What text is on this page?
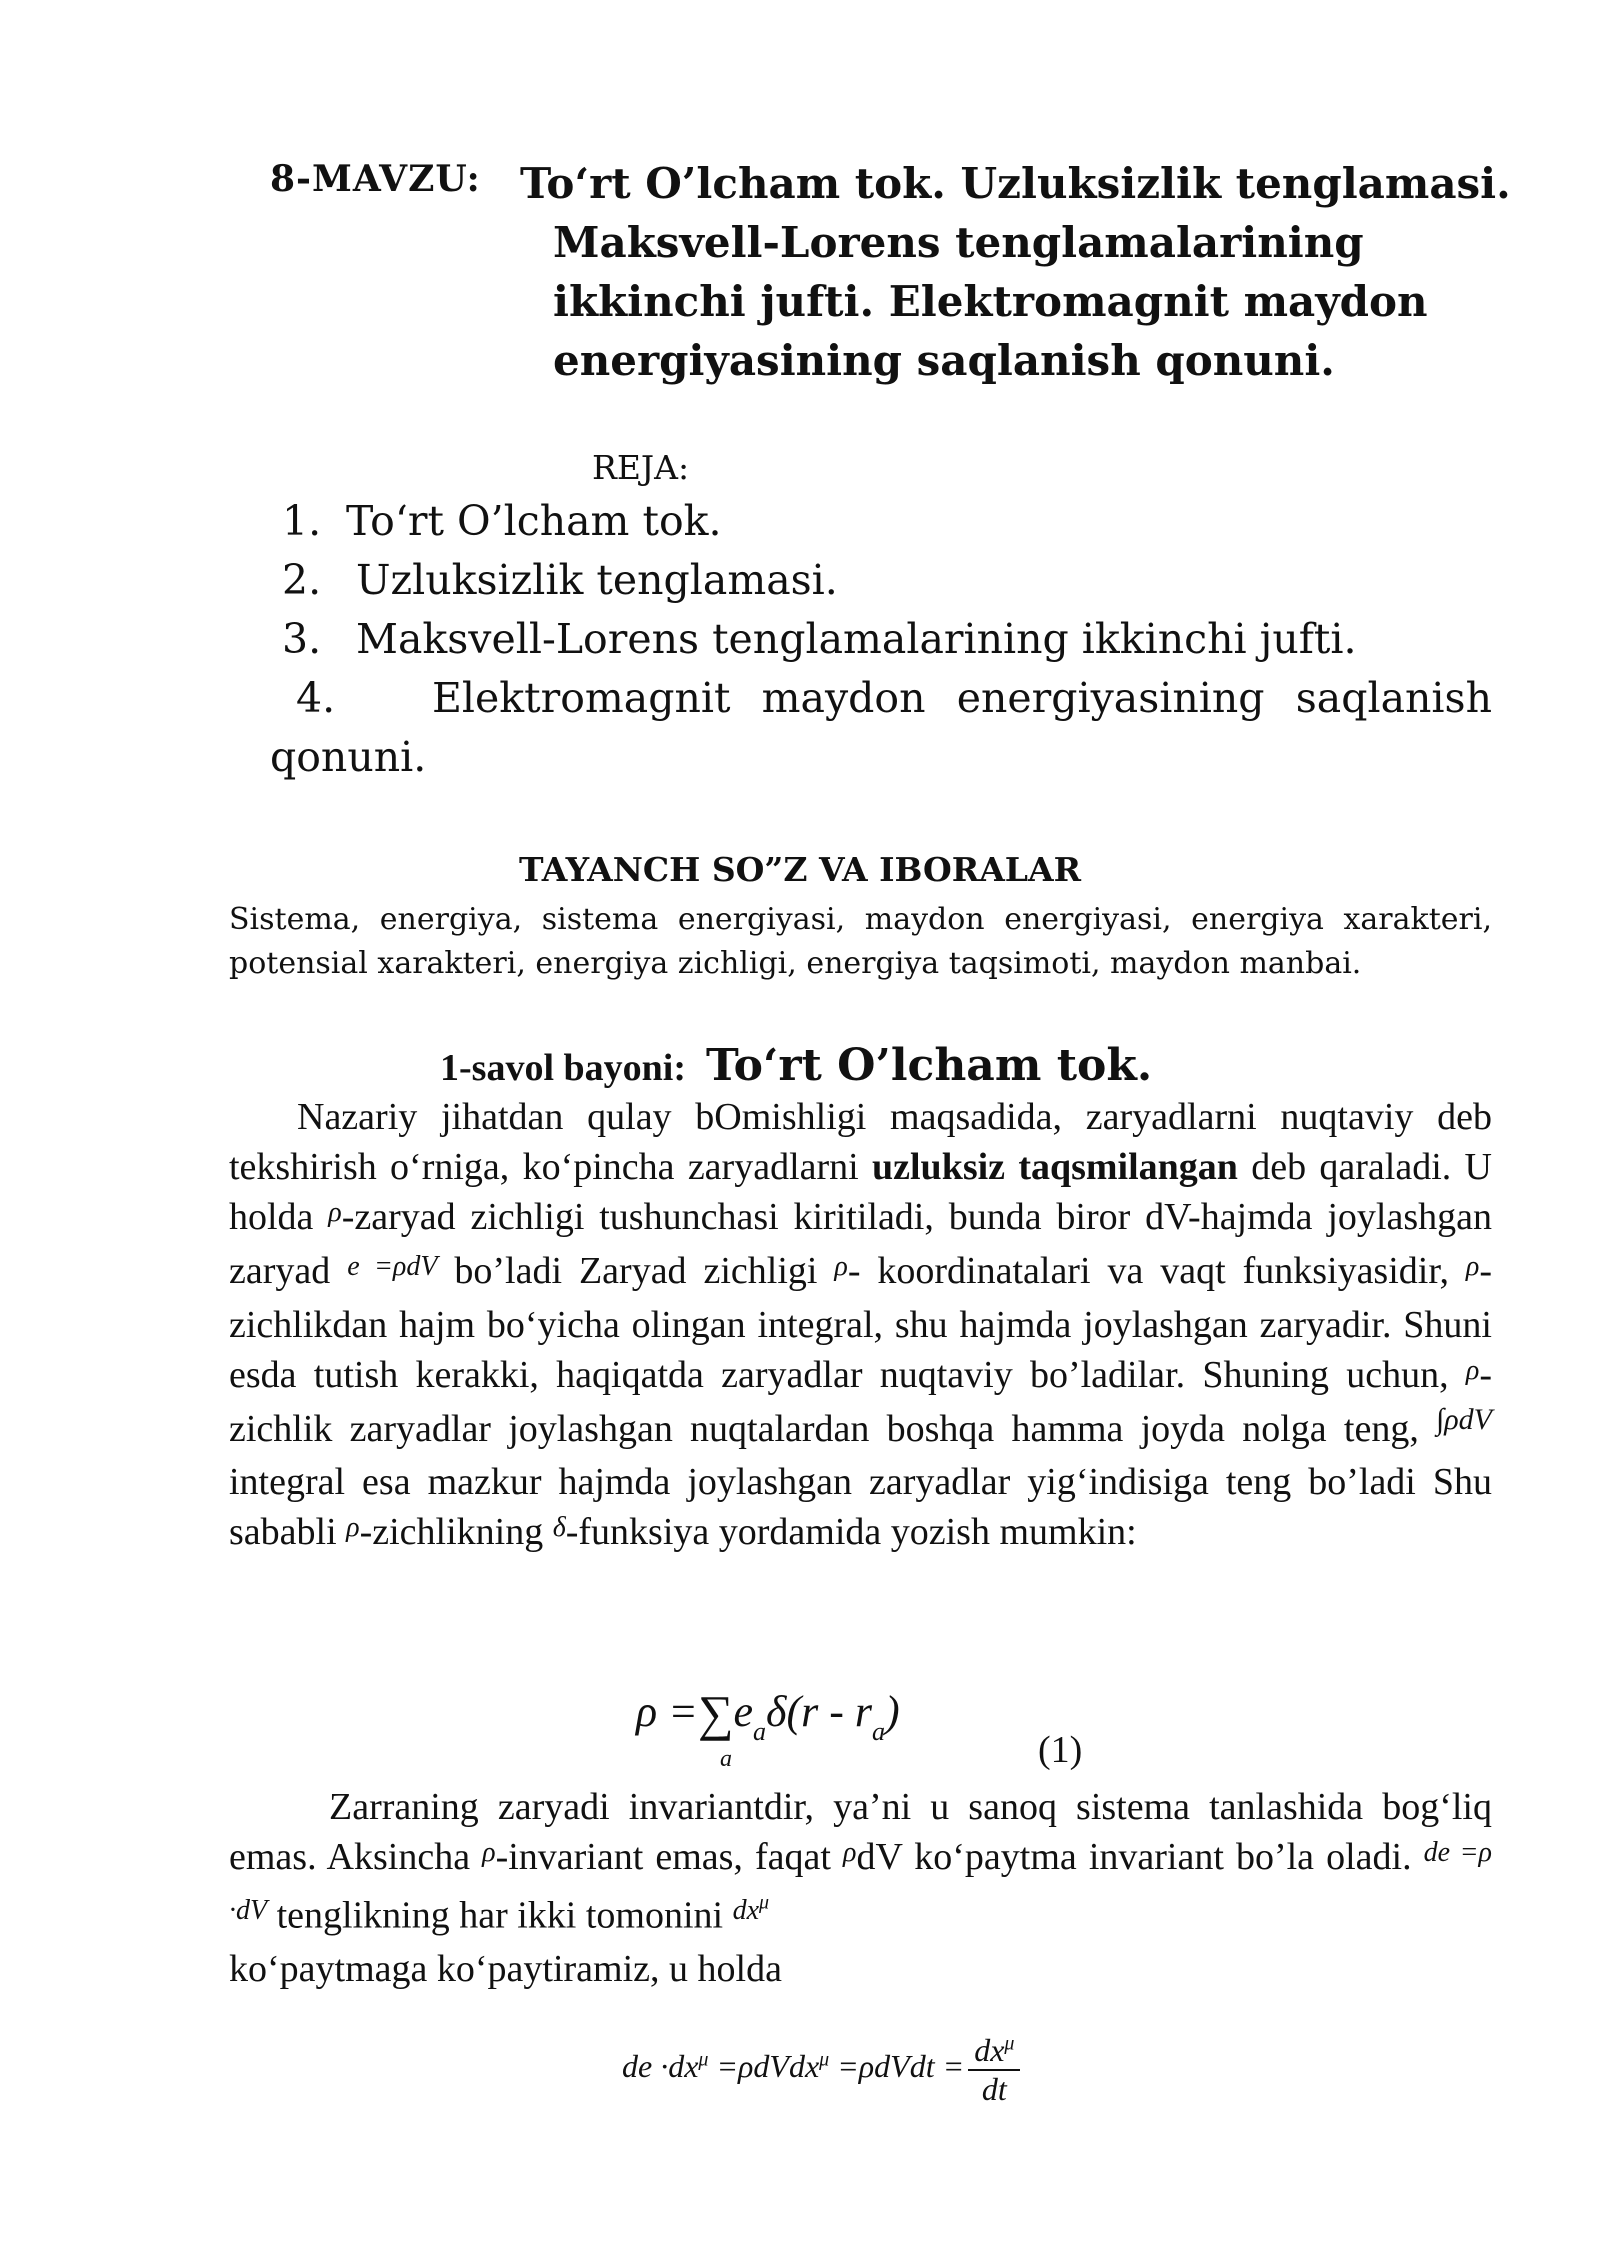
8-MAVZU: To‘rt O’lcham tok. Uzluksizlik tenglamasi.
Maksvell-Lorens tenglamalarining
ikkinchi jufti. Elektromagnit maydon
energiyasining saqlanish qonuni.
REJA:
1. To‘rt O’lcham tok.
2. Uzluksizlik tenglamasi.
3. Maksvell-Lorens tenglamalarining ikkinchi jufti.
4.	Elektromagnit maydon energiyasining saqlanish
qonuni.
TAYANCH SO”Z VA IBORALAR
Sistema, energiya, sistema energiyasi, maydon energiyasi, energiya xarakteri, potensial xarakteri, energiya zichligi, energiya taqsimoti, maydon manbai.
1-savol bayoni: To‘rt O’lcham tok.
Nazariy jihatdan qulay bOmishligi maqsadida, zaryadlarni nuqtaviy deb tekshirish o‘rniga, ko‘pincha zaryadlarni uzluksiz taqsmilangan deb qaraladi. U holda $^\rho$-zaryad zichligi tushunchasi kiritiladi, bunda biror dV-hajmda joylashgan zaryad $^{e =\rho dV}$ bo’ladi Zaryad zichligi $^\rho$- koordinatalari va vaqt funksiyasidir, $^\rho$-zichlikdan hajm bo‘yicha olingan integral, shu hajmda joylashgan zaryadir. Shuni esda tutish kerakki, haqiqatda zaryadlar nuqtaviy bo’ladilar. Shuning uchun, $^\rho$-zichlik zaryadlar joylashgan nuqtalardan boshqa hamma joyda nolga teng, $^{\int\rho dV}$ integral esa mazkur hajmda joylashgan zaryadlar yig‘indisiga teng bo’ladi Shu sababli $^\rho$-zichlikning $^\delta$-funksiya yordamida yozish mumkin:
$\rho =\sum e_a\delta(r - r_a)$
a	(1)
Zarraning zaryadi invariantdir, ya’ni u sanoq sistema tanlashida bog‘liq emas. Aksincha $^\rho$-invariant emas, faqat $^\rho$dV ko‘paytma invariant bo’la oladi. $^{de =\rho \cdot dV}$ tenglikning har ikki tomonini $^{dx^\mu}$
ko‘paytmaga ko‘paytiramiz, u holda
de $\cdot dx^\mu$ =ρdVdx$^\mu$ =ρdVdt = $\frac{dx^\mu}{dt}$
